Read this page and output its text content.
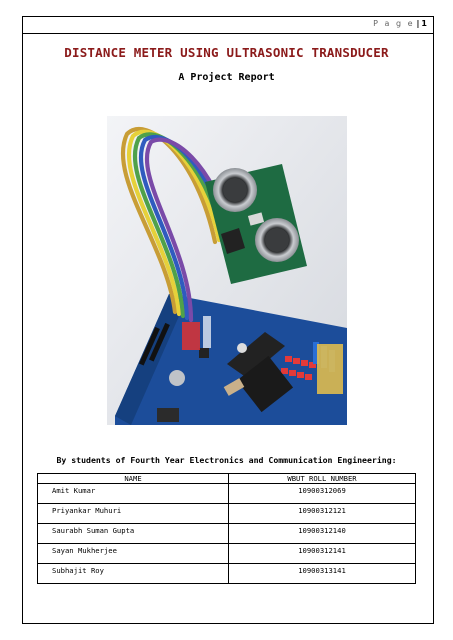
P a g e | 1
DISTANCE METER USING ULTRASONIC TRANSDUCER
A Project Report
By students of Fourth Year Electronics and Communication Engineering:
NAME	WBUT ROLL NUMBER
Amit Kumar	10900312069
Priyankar Muhuri	10900312121
Saurabh Suman Gupta	10900312140
Sayan Mukherjee	10900312141
Subhajit Roy	10900313141
